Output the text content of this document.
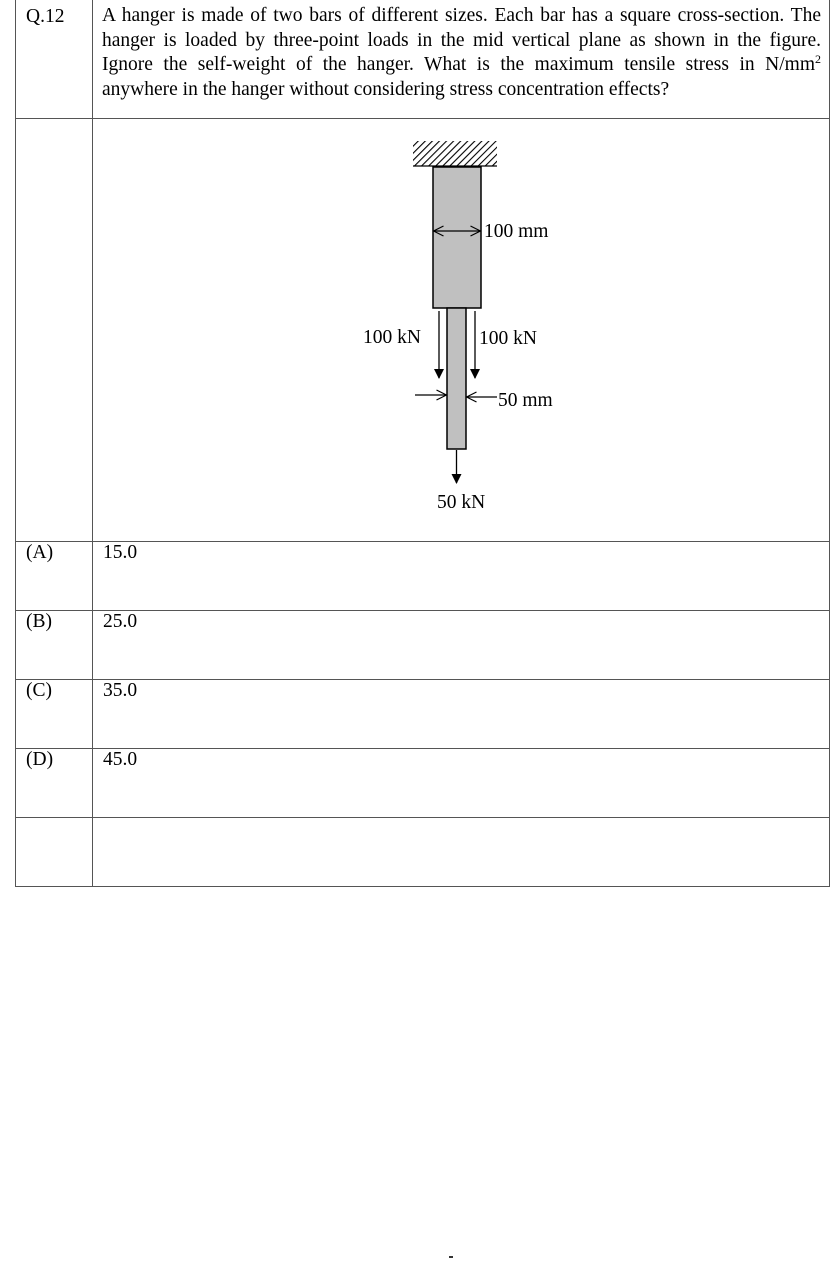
Q.12	A hanger is made of two bars of different sizes. Each bar has a square cross-section. The hanger is loaded by three-point loads in the mid vertical plane as shown in the figure. Ignore the self-weight of the hanger. What is the maximum tensile stress in $N/mm^2$ anywhere in the hanger without considering stress concentration effects?

100 mm
100 kN 100 kN
50 mm
50 kN

(A)	15.0

(B)	25.0

(C)	35.0

(D)	45.0
